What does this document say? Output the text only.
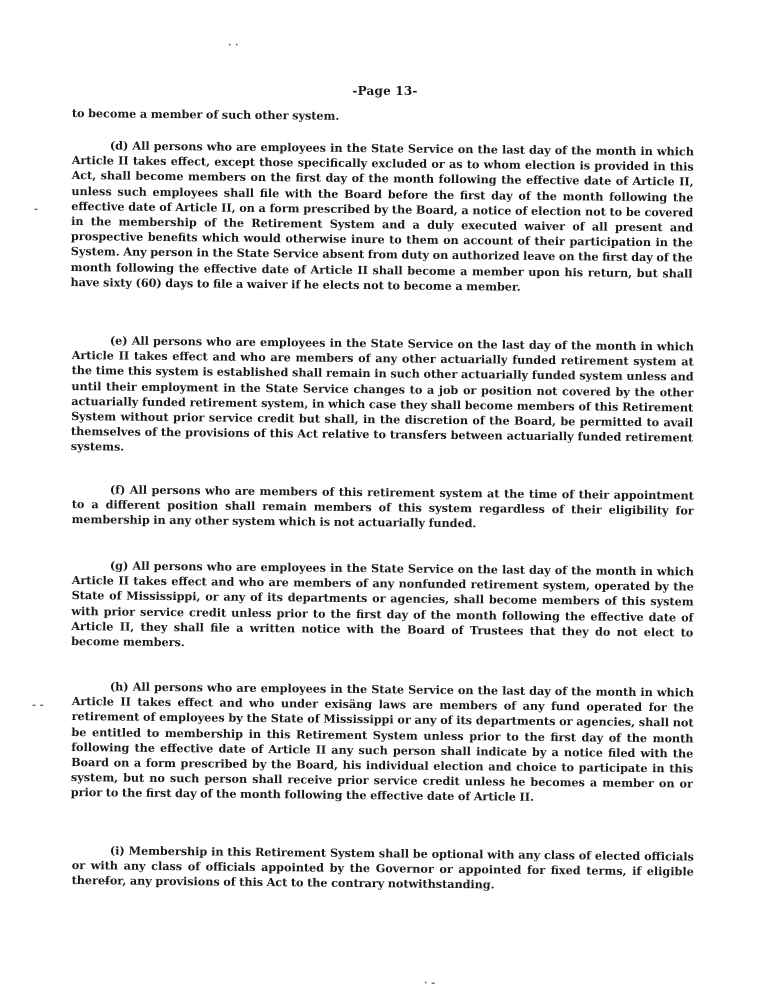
-Page 13-

to become a member of such other system.

(d) All persons who are employees in the State Service on the last day of the month in which Article II takes effect, except those specifically excluded or as to whom election is provided in this Act, shall become members on the first day of the month following the effective date of Article II, unless such employees shall file with the Board before the first day of the month following the effective date of Article II, on a form prescribed by the Board, a notice of election not to be covered in the membership of the Retirement System and a duly executed waiver of all present and prospective benefits which would otherwise inure to them on account of their participation in the System. Any person in the State Service absent from duty on authorized leave on the first day of the month following the effective date of Article II shall become a member upon his return, but shall have sixty (60) days to file a waiver if he elects not to become a member.

(e) All persons who are employees in the State Service on the last day of the month in which Article II takes effect and who are members of any other actuarially funded retirement system at the time this system is established shall remain in such other actuarially funded system unless and until their employment in the State Service changes to a job or position not covered by the other actuarially funded retirement system, in which case they shall become members of this Retirement System without prior service credit but shall, in the discretion of the Board, be permitted to avail themselves of the provisions of this Act relative to transfers between actuarially funded retirement systems.

(f) All persons who are members of this retirement system at the time of their appointment to a different position shall remain members of this system regardless of their eligibility for membership in any other system which is not actuarially funded.

(g) All persons who are employees in the State Service on the last day of the month in which Article II takes effect and who are members of any nonfunded retirement system, operated by the State of Mississippi, or any of its departments or agencies, shall become members of this system with prior service credit unless prior to the first day of the month following the effective date of Article II, they shall file a written notice with the Board of Trustees that they do not elect to become members.

(h) All persons who are employees in the State Service on the last day of the month in which Article II takes effect and who under exisäng laws are members of any fund operated for the retirement of employees by the State of Mississippi or any of its departments or agencies, shall not be entitled to membership in this Retirement System unless prior to the first day of the month following the effective date of Article II any such person shall indicate by a notice filed with the Board on a form prescribed by the Board, his individual election and choice to participate in this system, but no such person shall receive prior service credit unless he becomes a member on or prior to the first day of the month following the effective date of Article II.

(i) Membership in this Retirement System shall be optional with any class of elected officials or with any class of officials appointed by the Governor or appointed for fixed terms, if eligible theref̶or, any provisions of this Act to the contrary notwithstanding.

· ·
-
- -
· -
